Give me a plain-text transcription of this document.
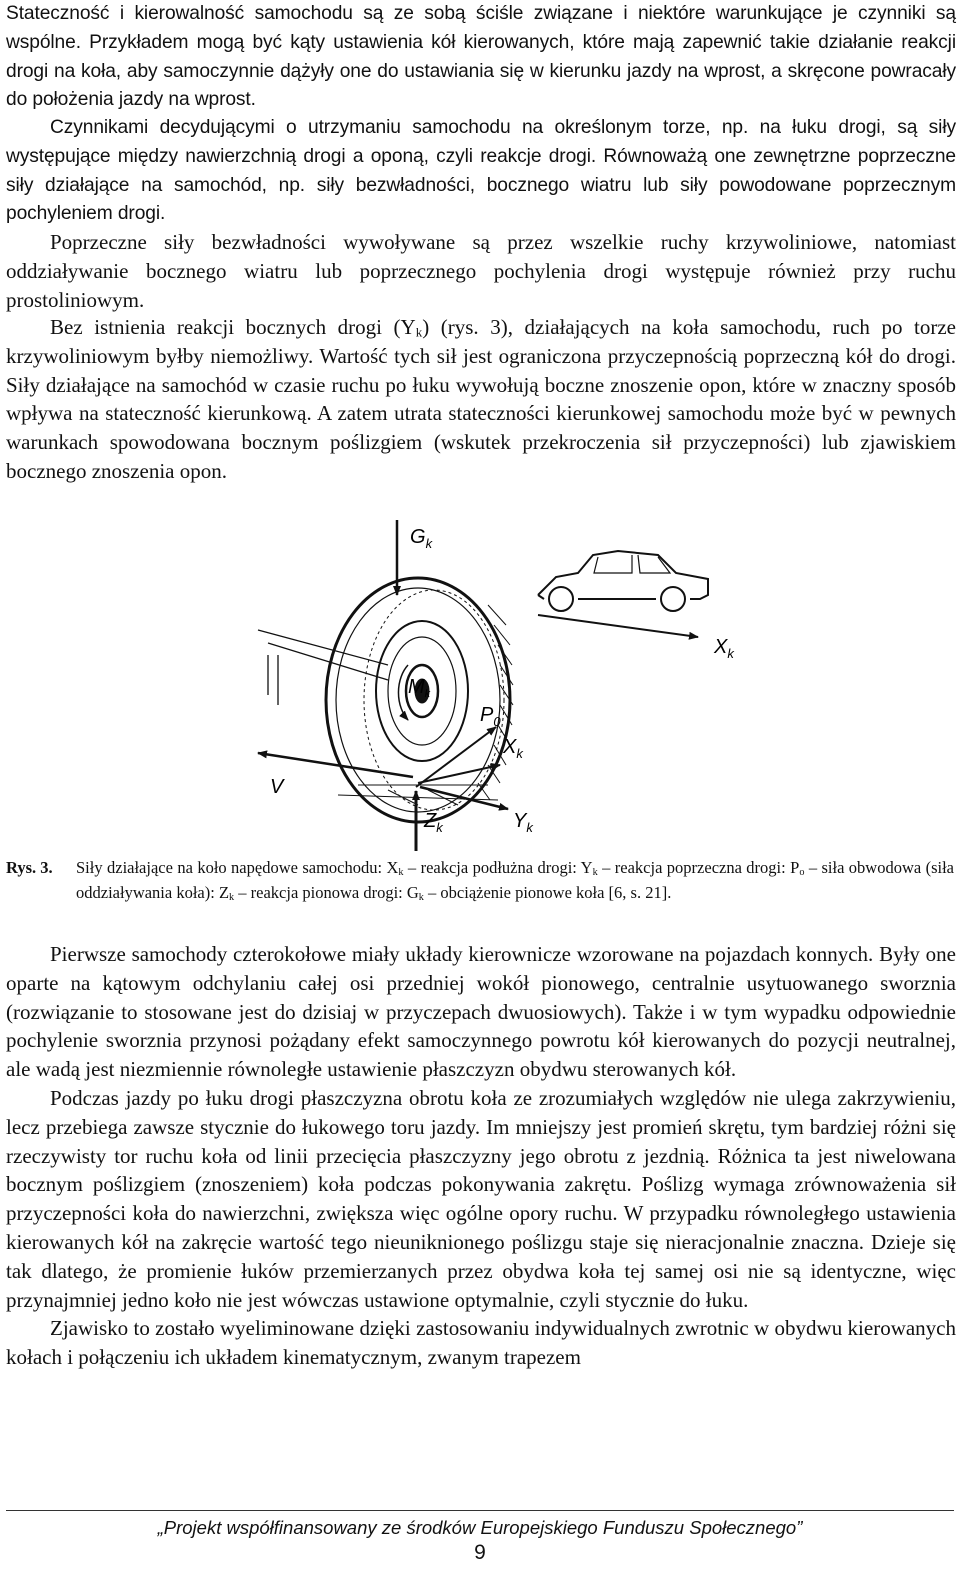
Stateczność i kierowalność samochodu są ze sobą ściśle związane i niektóre warunkujące je czynniki są wspólne. Przykładem mogą być kąty ustawienia kół kierowanych, które mają zapewnić takie działanie reakcji drogi na koła, aby samoczynnie dążyły one do ustawiania się w kierunku jazdy na wprost, a skręcone powracały do położenia jazdy na wprost.

Czynnikami decydującymi o utrzymaniu samochodu na określonym torze, np. na łuku drogi, są siły występujące między nawierzchnią drogi a oponą, czyli reakcje drogi. Równoważą one zewnętrzne poprzeczne siły działające na samochód, np. siły bezwładności, bocznego wiatru lub siły powodowane poprzecznym pochyleniem drogi.

Poprzeczne siły bezwładności wywoływane są przez wszelkie ruchy krzywoliniowe, natomiast oddziaływanie bocznego wiatru lub poprzecznego pochylenia drogi występuje również przy ruchu prostoliniowym.

Bez istnienia reakcji bocznych drogi $(Y_k)$ (rys. 3), działających na koła samochodu, ruch po torze krzywoliniowym byłby niemożliwy. Wartość tych sił jest ograniczona przyczepnością poprzeczną kół do drogi. Siły działające na samochód w czasie ruchu po łuku wywołują boczne znoszenie opon, które w znaczny sposób wpływa na stateczność kierunkową. A zatem utrata stateczności kierunkowej samochodu może być w pewnych warunkach spowodowana bocznym poślizgiem (wskutek przekroczenia sił przyczepności) lub zjawiskiem bocznego znoszenia opon.

$G_k$
$M_k$
V
$P_0$
$X_k$
$Y_k$
$Z_k$
$X_k$
Rys. 3. Siły działające na koło napędowe samochodu: $X_k$ – reakcja podłużna drogi: $Y_k$ – reakcja poprzeczna drogi: $P_o$ – siła obwodowa (siła oddziaływania koła): $Z_k$ – reakcja pionowa drogi: $G_k$ – obciążenie pionowe koła [6, s. 21].

Pierwsze samochody czterokołowe miały układy kierownicze wzorowane na pojazdach konnych. Były one oparte na kątowym odchylaniu całej osi przedniej wokół pionowego, centralnie usytuowanego sworznia (rozwiązanie to stosowane jest do dzisiaj w przyczepach dwuosiowych). Także i w tym wypadku odpowiednie pochylenie sworznia przynosi pożądany efekt samoczynnego powrotu kół kierowanych do pozycji neutralnej, ale wadą jest niezmiennie równoległe ustawienie płaszczyzn obydwu sterowanych kół.

Podczas jazdy po łuku drogi płaszczyzna obrotu koła ze zrozumiałych względów nie ulega zakrzywieniu, lecz przebiega zawsze stycznie do łukowego toru jazdy. Im mniejszy jest promień skrętu, tym bardziej różni się rzeczywisty tor ruchu koła od linii przecięcia płaszczyzny jego obrotu z jezdnią. Różnica ta jest niwelowana bocznym poślizgiem (znoszeniem) koła podczas pokonywania zakrętu. Poślizg wymaga zrównoważenia sił przyczepności koła do nawierzchni, zwiększa więc ogólne opory ruchu. W przypadku równoległego ustawienia kierowanych kół na zakręcie wartość tego nieuniknionego poślizgu staje się nieracjonalnie znaczna. Dzieje się tak dlatego, że promienie łuków przemierzanych przez obydwa koła tej samej osi nie są identyczne, więc przynajmniej jedno koło nie jest wówczas ustawione optymalnie, czyli stycznie do łuku.

Zjawisko to zostało wyeliminowane dzięki zastosowaniu indywidualnych zwrotnic w obydwu kierowanych kołach i połączeniu ich układem kinematycznym, zwanym trapezem

„Projekt współfinansowany ze środków Europejskiego Funduszu Społecznego”
9
